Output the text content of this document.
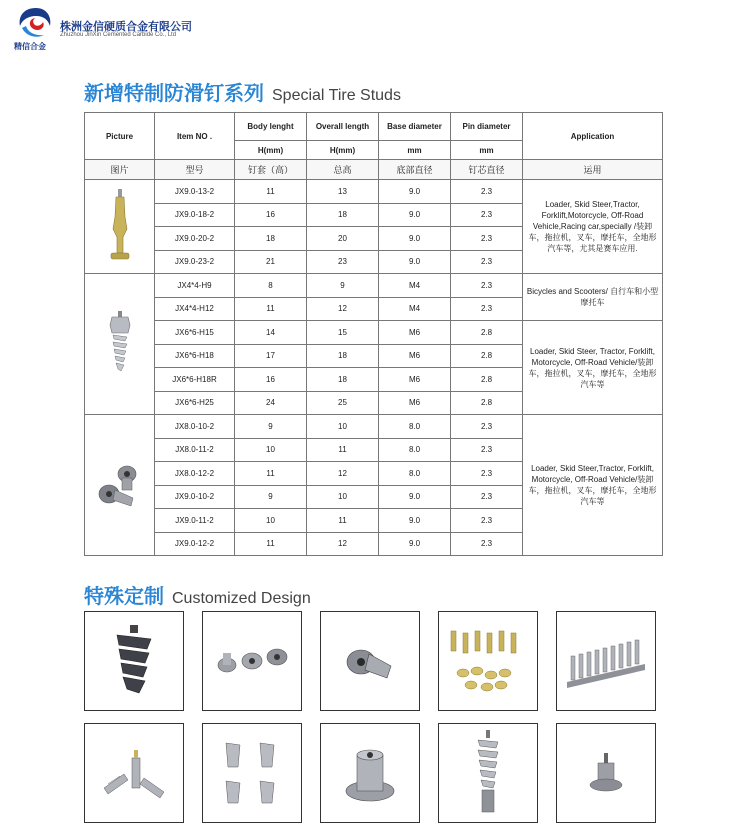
精信合金
株洲金信硬质合金有限公司
Zhuzhou JinXin Cemented Carbide Co., Ltd
新增特制防滑钉系列 Special Tire Studs
Picture	Item NO .	Body lenght	Overall length	Base diameter	Pin diameter	Application
		H(mm)	H(mm)	mm	mm	
图片	型号	钉套（高）	总高	底部直径	钉芯直径	运用

	JX9.0-13-2	11	13	9.0	2.3	Loader, Skid Steer,Tractor, Forklift,Motorcycle, Off-Road Vehicle,Racing car,specially /装卸车，拖拉机，叉车，摩托车，全地形汽车等，尤其是赛车应用.
	JX9.0-18-2	16	18	9.0	2.3	
	JX9.0-20-2	18	20	9.0	2.3	
	JX9.0-23-2	21	23	9.0	2.3	

	JX4*4-H9	8	9	M4	2.3	Bicycles and Scooters/ 自行车和小型摩托车
	JX4*4-H12	11	12	M4	2.3	
	JX6*6-H15	14	15	M6	2.8	Loader, Skid Steer, Tractor, Forklift, Motorcycle, Off-Road Vehicle/装卸车，拖拉机，叉车，摩托车，全地形汽车等
	JX6*6-H18	17	18	M6	2.8	
	JX6*6-H18R	16	18	M6	2.8	
	JX6*6-H25	24	25	M6	2.8	

	JX8.0-10-2	9	10	8.0	2.3	Loader, Skid Steer,Tractor, Forklift, Motorcycle, Off-Road Vehicle/装卸车，拖拉机，叉车，摩托车，全地形汽车等
	JX8.0-11-2	10	11	8.0	2.3	
	JX8.0-12-2	11	12	8.0	2.3	
	JX9.0-10-2	9	10	9.0	2.3	
	JX9.0-11-2	10	11	9.0	2.3	
	JX9.0-12-2	11	12	9.0	2.3	
特殊定制 Customized Design
